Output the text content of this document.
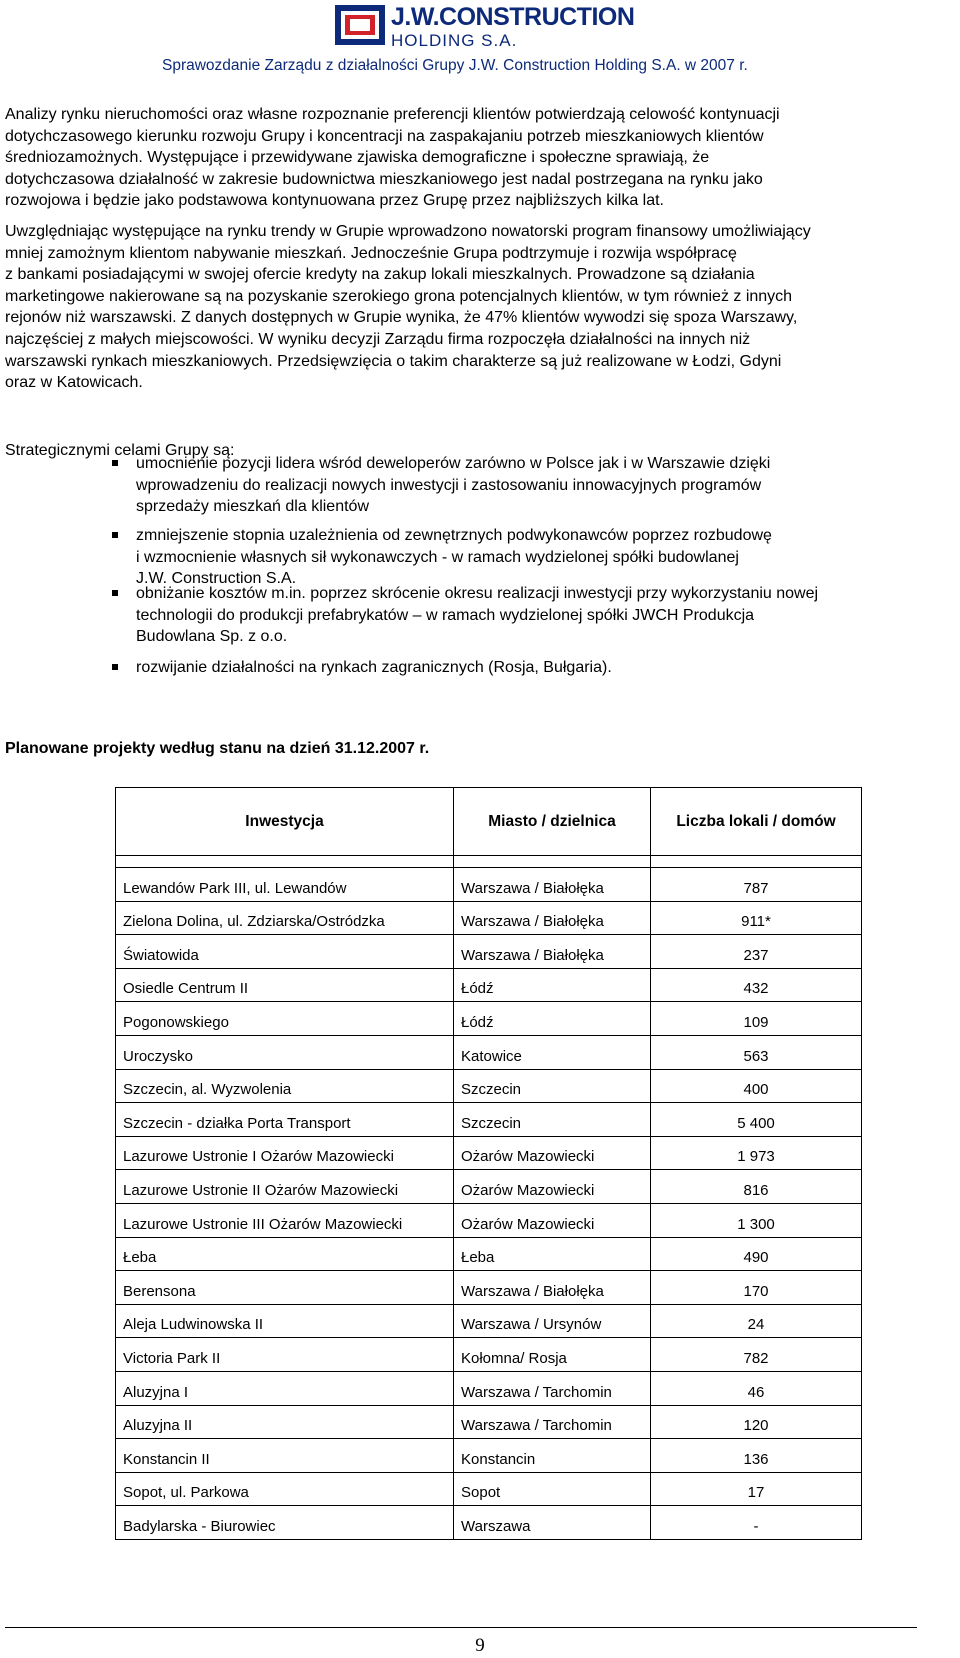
J.W.CONSTRUCTION
HOLDING S.A.
Sprawozdanie Zarządu z działalności Grupy J.W. Construction Holding S.A. w 2007 r.

Analizy rynku nieruchomości oraz własne rozpoznanie preferencji klientów potwierdzają celowość kontynuacji

dotychczasowego kierunku rozwoju Grupy i koncentracji na zaspakajaniu potrzeb mieszkaniowych klientów

średniozamożnych. Występujące i przewidywane zjawiska demograficzne i społeczne sprawiają, że

dotychczasowa działalność w zakresie budownictwa mieszkaniowego jest nadal postrzegana na rynku jako

rozwojowa i będzie jako podstawowa kontynuowana przez Grupę przez najbliższych kilka lat.

Uwzględniając występujące na rynku trendy w Grupie wprowadzono nowatorski program finansowy umożliwiający

mniej zamożnym klientom nabywanie mieszkań. Jednocześnie Grupa podtrzymuje i rozwija współpracę

z bankami posiadającymi w swojej ofercie kredyty na zakup lokali mieszkalnych. Prowadzone są działania

marketingowe nakierowane są na pozyskanie szerokiego grona potencjalnych klientów, w tym również z innych

rejonów niż warszawski. Z danych dostępnych w Grupie wynika, że 47% klientów wywodzi się spoza Warszawy,

najczęściej z małych miejscowości. W wyniku decyzji Zarządu firma rozpoczęła działalności na innych niż

warszawski rynkach mieszkaniowych. Przedsięwzięcia o takim charakterze są już realizowane w Łodzi, Gdyni

oraz w Katowicach.

Strategicznymi celami Grupy są:
umocnienie pozycji lidera wśród deweloperów zarówno w Polsce jak i w Warszawie dzięki
wprowadzeniu do realizacji nowych inwestycji i zastosowaniu innowacyjnych programów
sprzedaży mieszkań dla klientów
zmniejszenie stopnia uzależnienia od zewnętrznych podwykonawców poprzez rozbudowę
i wzmocnienie własnych sił wykonawczych - w ramach wydzielonej spółki budowlanej
J.W. Construction S.A.
obniżanie kosztów m.in. poprzez skrócenie okresu realizacji inwestycji przy wykorzystaniu nowej
technologii do produkcji prefabrykatów – w ramach wydzielonej spółki JWCH Produkcja
Budowlana Sp. z o.o.
rozwijanie działalności na rynkach zagranicznych (Rosja, Bułgaria).
Planowane projekty według stanu na dzień 31.12.2007 r.
Inwestycja	Miasto / dzielnica	Liczba lokali / domów

Lewandów Park III, ul. Lewandów	Warszawa / Białołęka	787
Zielona Dolina, ul. Zdziarska/Ostródzka	Warszawa / Białołęka	911*
Światowida	Warszawa / Białołęka	237
Osiedle Centrum II	Łódź	432
Pogonowskiego	Łódź	109
Uroczysko	Katowice	563
Szczecin, al. Wyzwolenia	Szczecin	400
Szczecin - działka Porta Transport	Szczecin	5 400
Lazurowe Ustronie I Ożarów Mazowiecki	Ożarów Mazowiecki	1 973
Lazurowe Ustronie II Ożarów Mazowiecki	Ożarów Mazowiecki	816
Lazurowe Ustronie III Ożarów Mazowiecki	Ożarów Mazowiecki	1 300
Łeba	Łeba	490
Berensona	Warszawa / Białołęka	170
Aleja Ludwinowska II	Warszawa / Ursynów	24
Victoria Park II	Kołomna/ Rosja	782
Aluzyjna I	Warszawa / Tarchomin	46
Aluzyjna II	Warszawa / Tarchomin	120
Konstancin II	Konstancin	136
Sopot, ul. Parkowa	Sopot	17
Badylarska - Biurowiec	Warszawa	-
9
